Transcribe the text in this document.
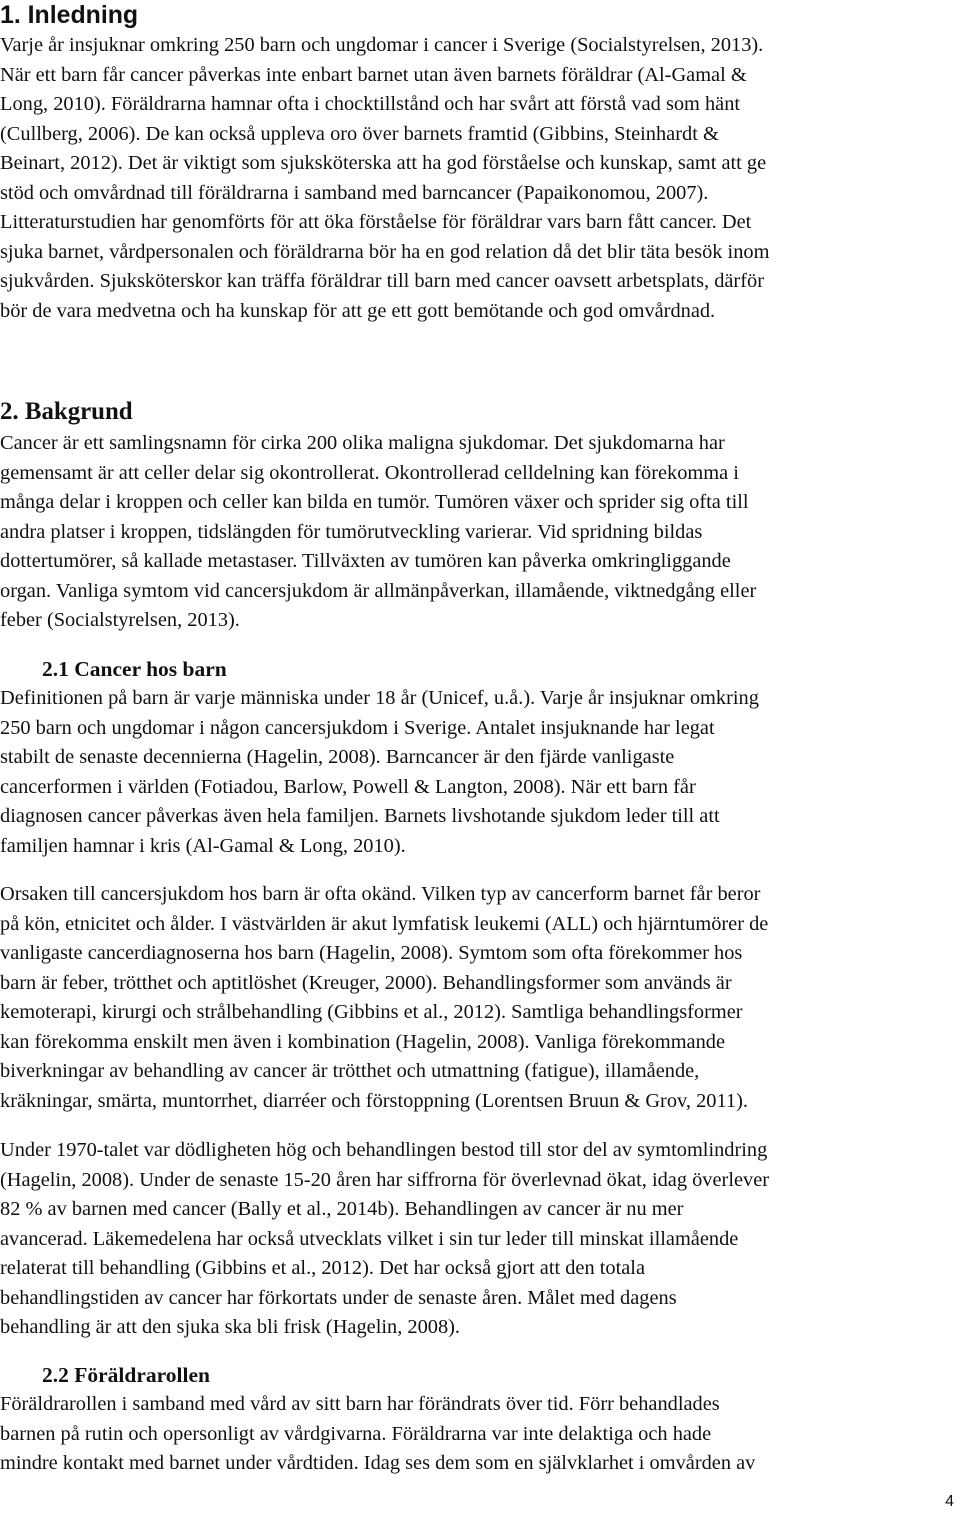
1. Inledning
Varje år insjuknar omkring 250 barn och ungdomar i cancer i Sverige (Socialstyrelsen, 2013).
När ett barn får cancer påverkas inte enbart barnet utan även barnets föräldrar (Al-Gamal &
Long, 2010). Föräldrarna hamnar ofta i chocktillstånd och har svårt att förstå vad som hänt
(Cullberg, 2006). De kan också uppleva oro över barnets framtid (Gibbins, Steinhardt &
Beinart, 2012). Det är viktigt som sjuksköterska att ha god förståelse och kunskap, samt att ge
stöd och omvårdnad till föräldrarna i samband med barncancer (Papaikonomou, 2007).
Litteraturstudien har genomförts för att öka förståelse för föräldrar vars barn fått cancer. Det
sjuka barnet, vårdpersonalen och föräldrarna bör ha en god relation då det blir täta besök inom
sjukvården. Sjuksköterskor kan träffa föräldrar till barn med cancer oavsett arbetsplats, därför
bör de vara medvetna och ha kunskap för att ge ett gott bemötande och god omvårdnad.
2. Bakgrund
Cancer är ett samlingsnamn för cirka 200 olika maligna sjukdomar. Det sjukdomarna har
gemensamt är att celler delar sig okontrollerat. Okontrollerad celldelning kan förekomma i
många delar i kroppen och celler kan bilda en tumör. Tumören växer och sprider sig ofta till
andra platser i kroppen, tidslängden för tumörutveckling varierar. Vid spridning bildas
dottertumörer, så kallade metastaser. Tillväxten av tumören kan påverka omkringliggande
organ. Vanliga symtom vid cancersjukdom är allmänpåverkan, illamående, viktnedgång eller
feber (Socialstyrelsen, 2013).
2.1 Cancer hos barn
Definitionen på barn är varje människa under 18 år (Unicef, u.å.). Varje år insjuknar omkring
250 barn och ungdomar i någon cancersjukdom i Sverige. Antalet insjuknande har legat
stabilt de senaste decennierna (Hagelin, 2008). Barncancer är den fjärde vanligaste
cancerformen i världen (Fotiadou, Barlow, Powell & Langton, 2008). När ett barn får
diagnosen cancer påverkas även hela familjen. Barnets livshotande sjukdom leder till att
familjen hamnar i kris (Al-Gamal & Long, 2010).
Orsaken till cancersjukdom hos barn är ofta okänd. Vilken typ av cancerform barnet får beror
på kön, etnicitet och ålder. I västvärlden är akut lymfatisk leukemi (ALL) och hjärntumörer de
vanligaste cancerdiagnoserna hos barn (Hagelin, 2008). Symtom som ofta förekommer hos
barn är feber, trötthet och aptitlöshet (Kreuger, 2000). Behandlingsformer som används är
kemoterapi, kirurgi och strålbehandling (Gibbins et al., 2012). Samtliga behandlingsformer
kan förekomma enskilt men även i kombination (Hagelin, 2008). Vanliga förekommande
biverkningar av behandling av cancer är trötthet och utmattning (fatigue), illamående,
kräkningar, smärta, muntorrhet, diarréer och förstoppning (Lorentsen Bruun & Grov, 2011).
Under 1970-talet var dödligheten hög och behandlingen bestod till stor del av symtomlindring
(Hagelin, 2008). Under de senaste 15-20 åren har siffrorna för överlevnad ökat, idag överlever
82 % av barnen med cancer (Bally et al., 2014b). Behandlingen av cancer är nu mer
avancerad. Läkemedelena har också utvecklats vilket i sin tur leder till minskat illamående
relaterat till behandling (Gibbins et al., 2012). Det har också gjort att den totala
behandlingstiden av cancer har förkortats under de senaste åren. Målet med dagens
behandling är att den sjuka ska bli frisk (Hagelin, 2008).
2.2 Föräldrarollen
Föräldrarollen i samband med vård av sitt barn har förändrats över tid. Förr behandlades
barnen på rutin och opersonligt av vårdgivarna. Föräldrarna var inte delaktiga och hade
mindre kontakt med barnet under vårdtiden. Idag ses dem som en självklarhet i omvården av
4
